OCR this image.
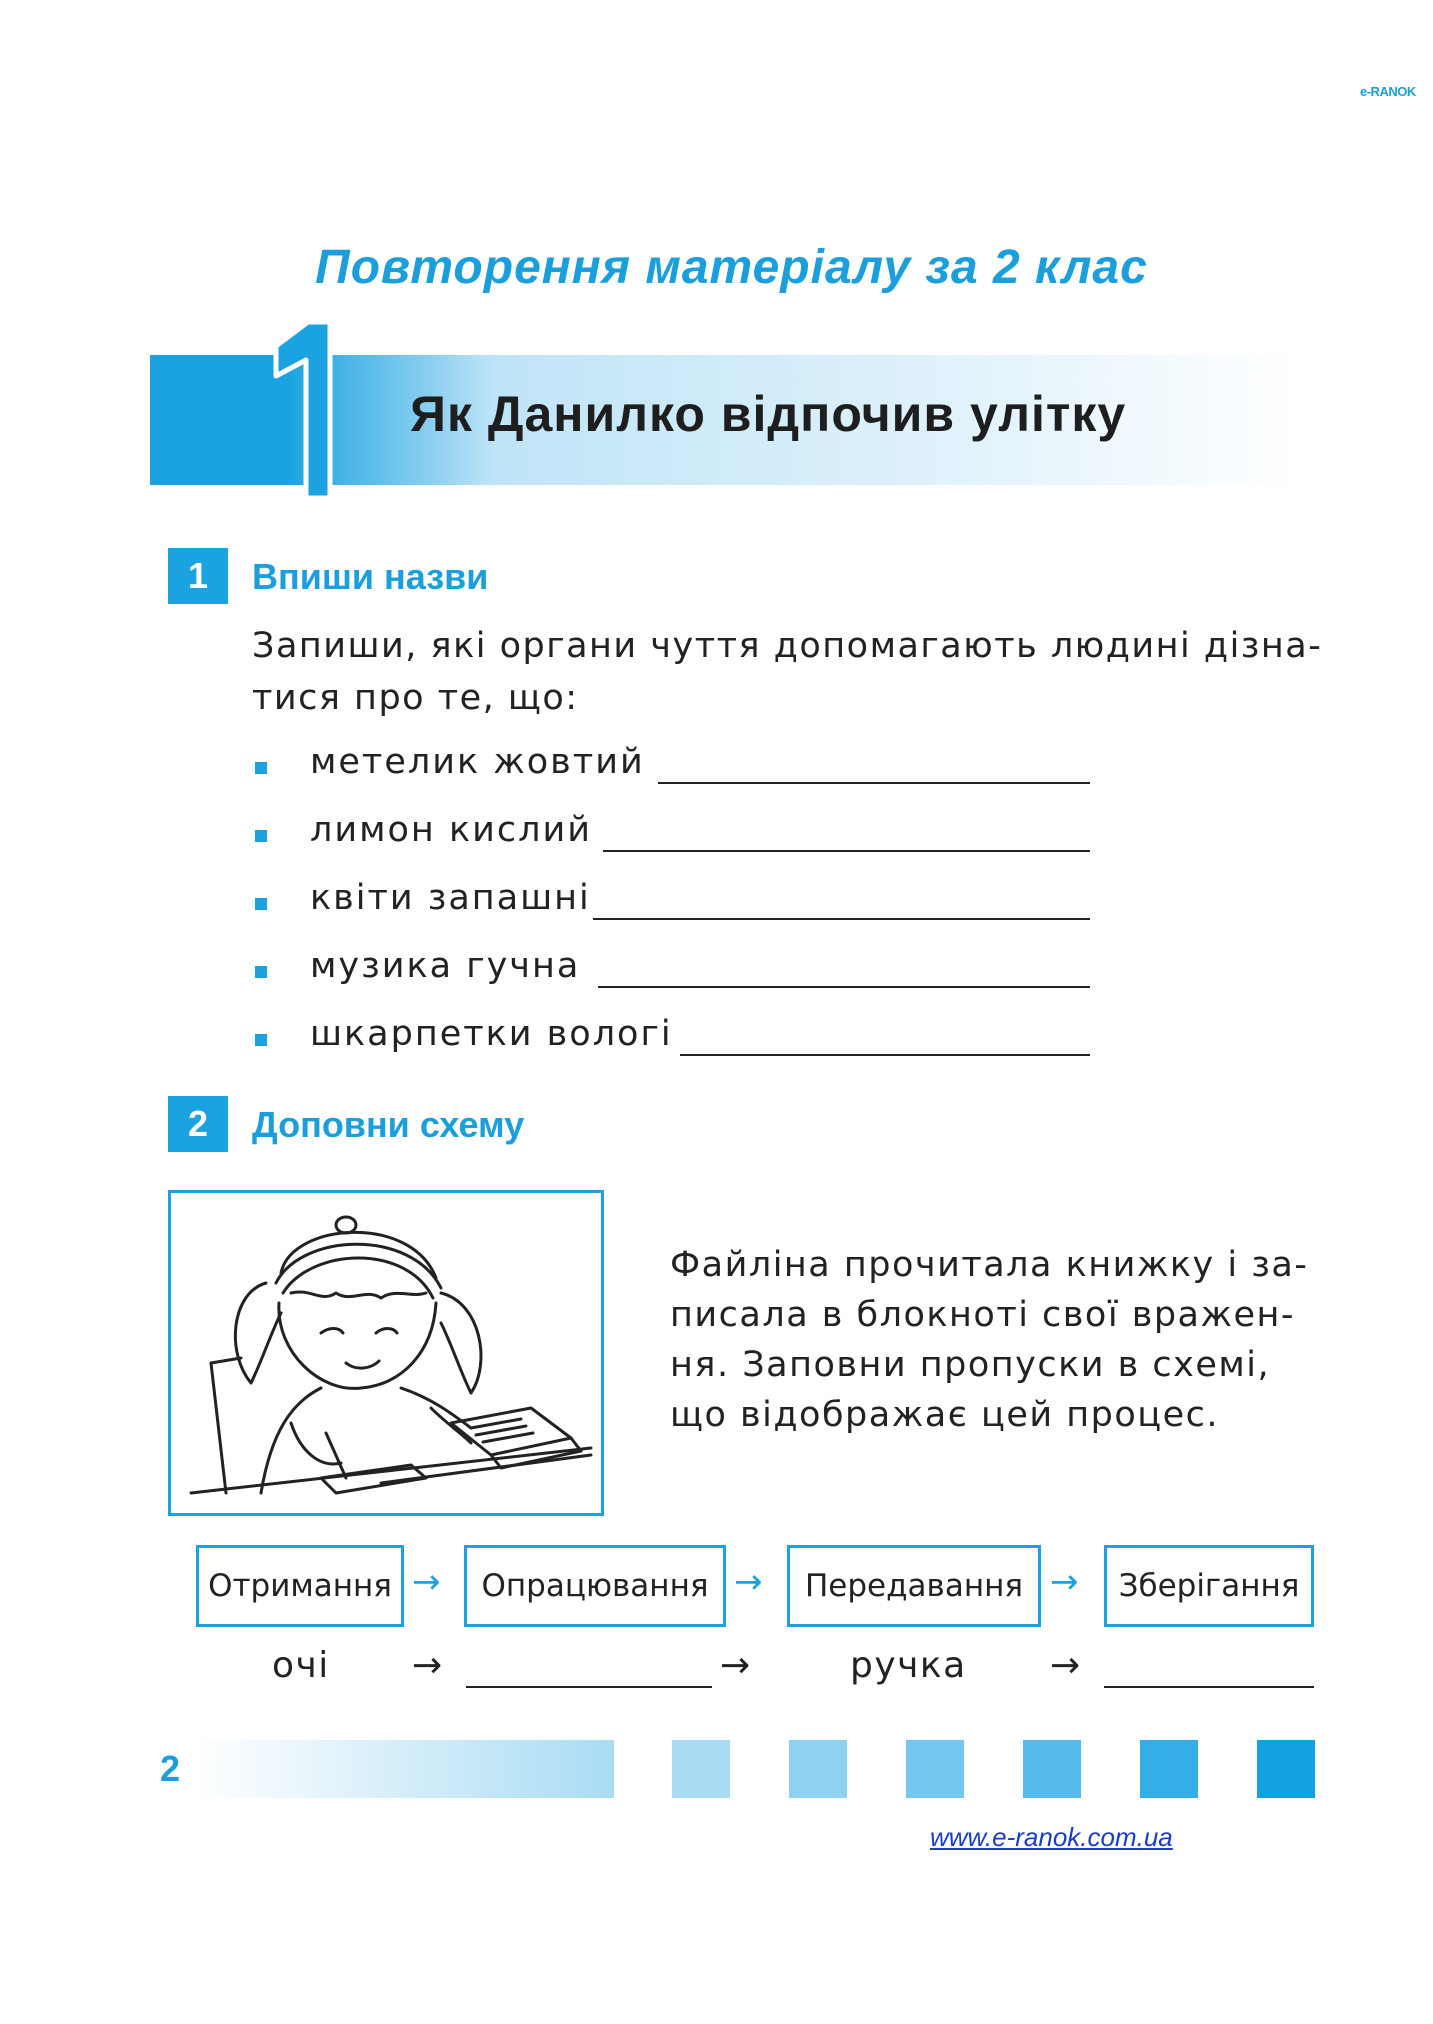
e-RANOK
Повторення матеріалу за 2 клас
Як Данилко відпочив улітку
1	Впиши назви
Запиши, які органи чуття допомагають людині дізна-
тися про те, що:
метелик жовтий
лимон кислий
квіти запашні
музика гучна
шкарпетки вологі
2	Доповни схему
Файліна прочитала книжку і за-
писала в блокноті свої вражен-
ня. Заповни пропуски в схемі,
що відображає цей процес.
Отримання →	Опрацювання →	Передавання →	Зберігання
очі →	→	ручка →
2
www.e-ranok.com.ua
